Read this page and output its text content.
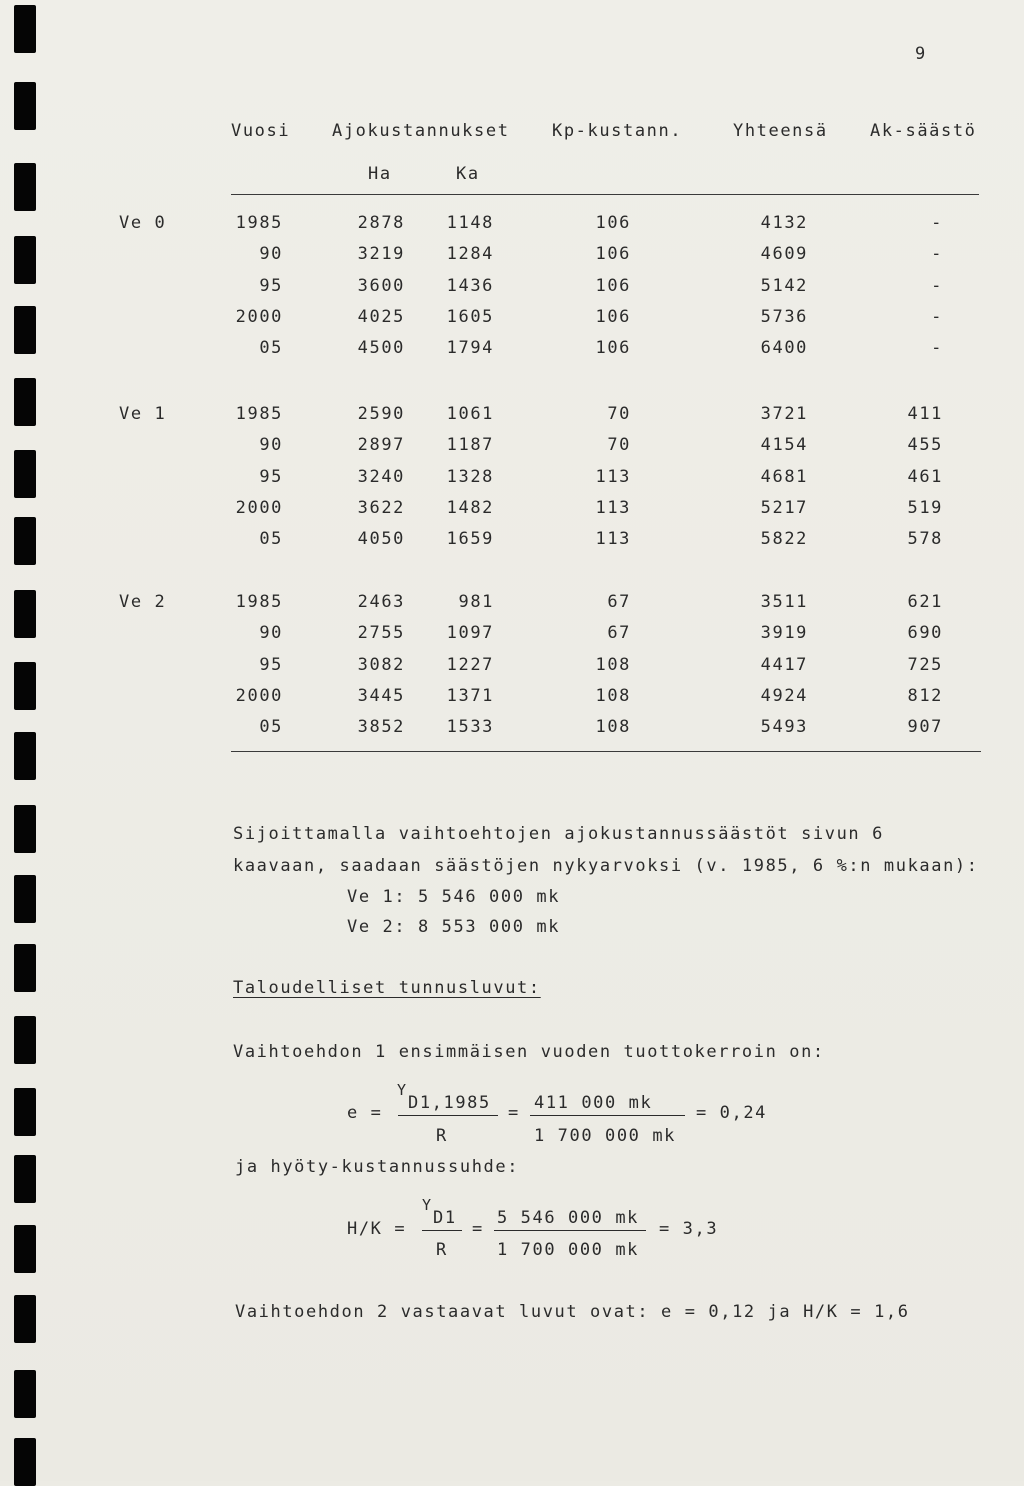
9
Vuosi Ajokustannukset Kp-kustann.	Yhteensä Ak-säästö
Ha	Ka
Ve 0	1985	2878	1148	106	4132	-
90	3219	1284	106	4609	-
95	3600	1436	106	5142	-
2000	4025	1605	106	5736	-
05	4500	1794	106	6400	-
Ve 1	1985	2590	1061	70	3721	411
90	2897	1187	70	4154	455
95	3240	1328	113	4681	461
2000	3622	1482	113	5217	519
05	4050	1659	113	5822	578
Ve 2	1985	2463	981	67	3511	621
90	2755	1097	67	3919	690
95	3082	1227	108	4417	725
2000	3445	1371	108	4924	812
05	3852	1533	108	5493	907
Sijoittamalla vaihtoehtojen ajokustannussäästöt sivun 6
kaavaan, saadaan säästöjen nykyarvoksi (v. 1985, 6 %:n mukaan):
Ve 1: 5 546 000 mk
Ve 2: 8 553 000 mk
Taloudelliset tunnusluvut:
Vaihtoehdon 1 ensimmäisen vuoden tuottokerroin on:
e =
Y
D1,1985
R
= 411 000 mk
1 700 000 mk
= 0,24
ja hyöty-kustannussuhde:
H/K =
Y
D1
R
=
5 546 000 mk
1 700 000 mk
= 3,3
Vaihtoehdon 2 vastaavat luvut ovat: e = 0,12 ja H/K = 1,6
